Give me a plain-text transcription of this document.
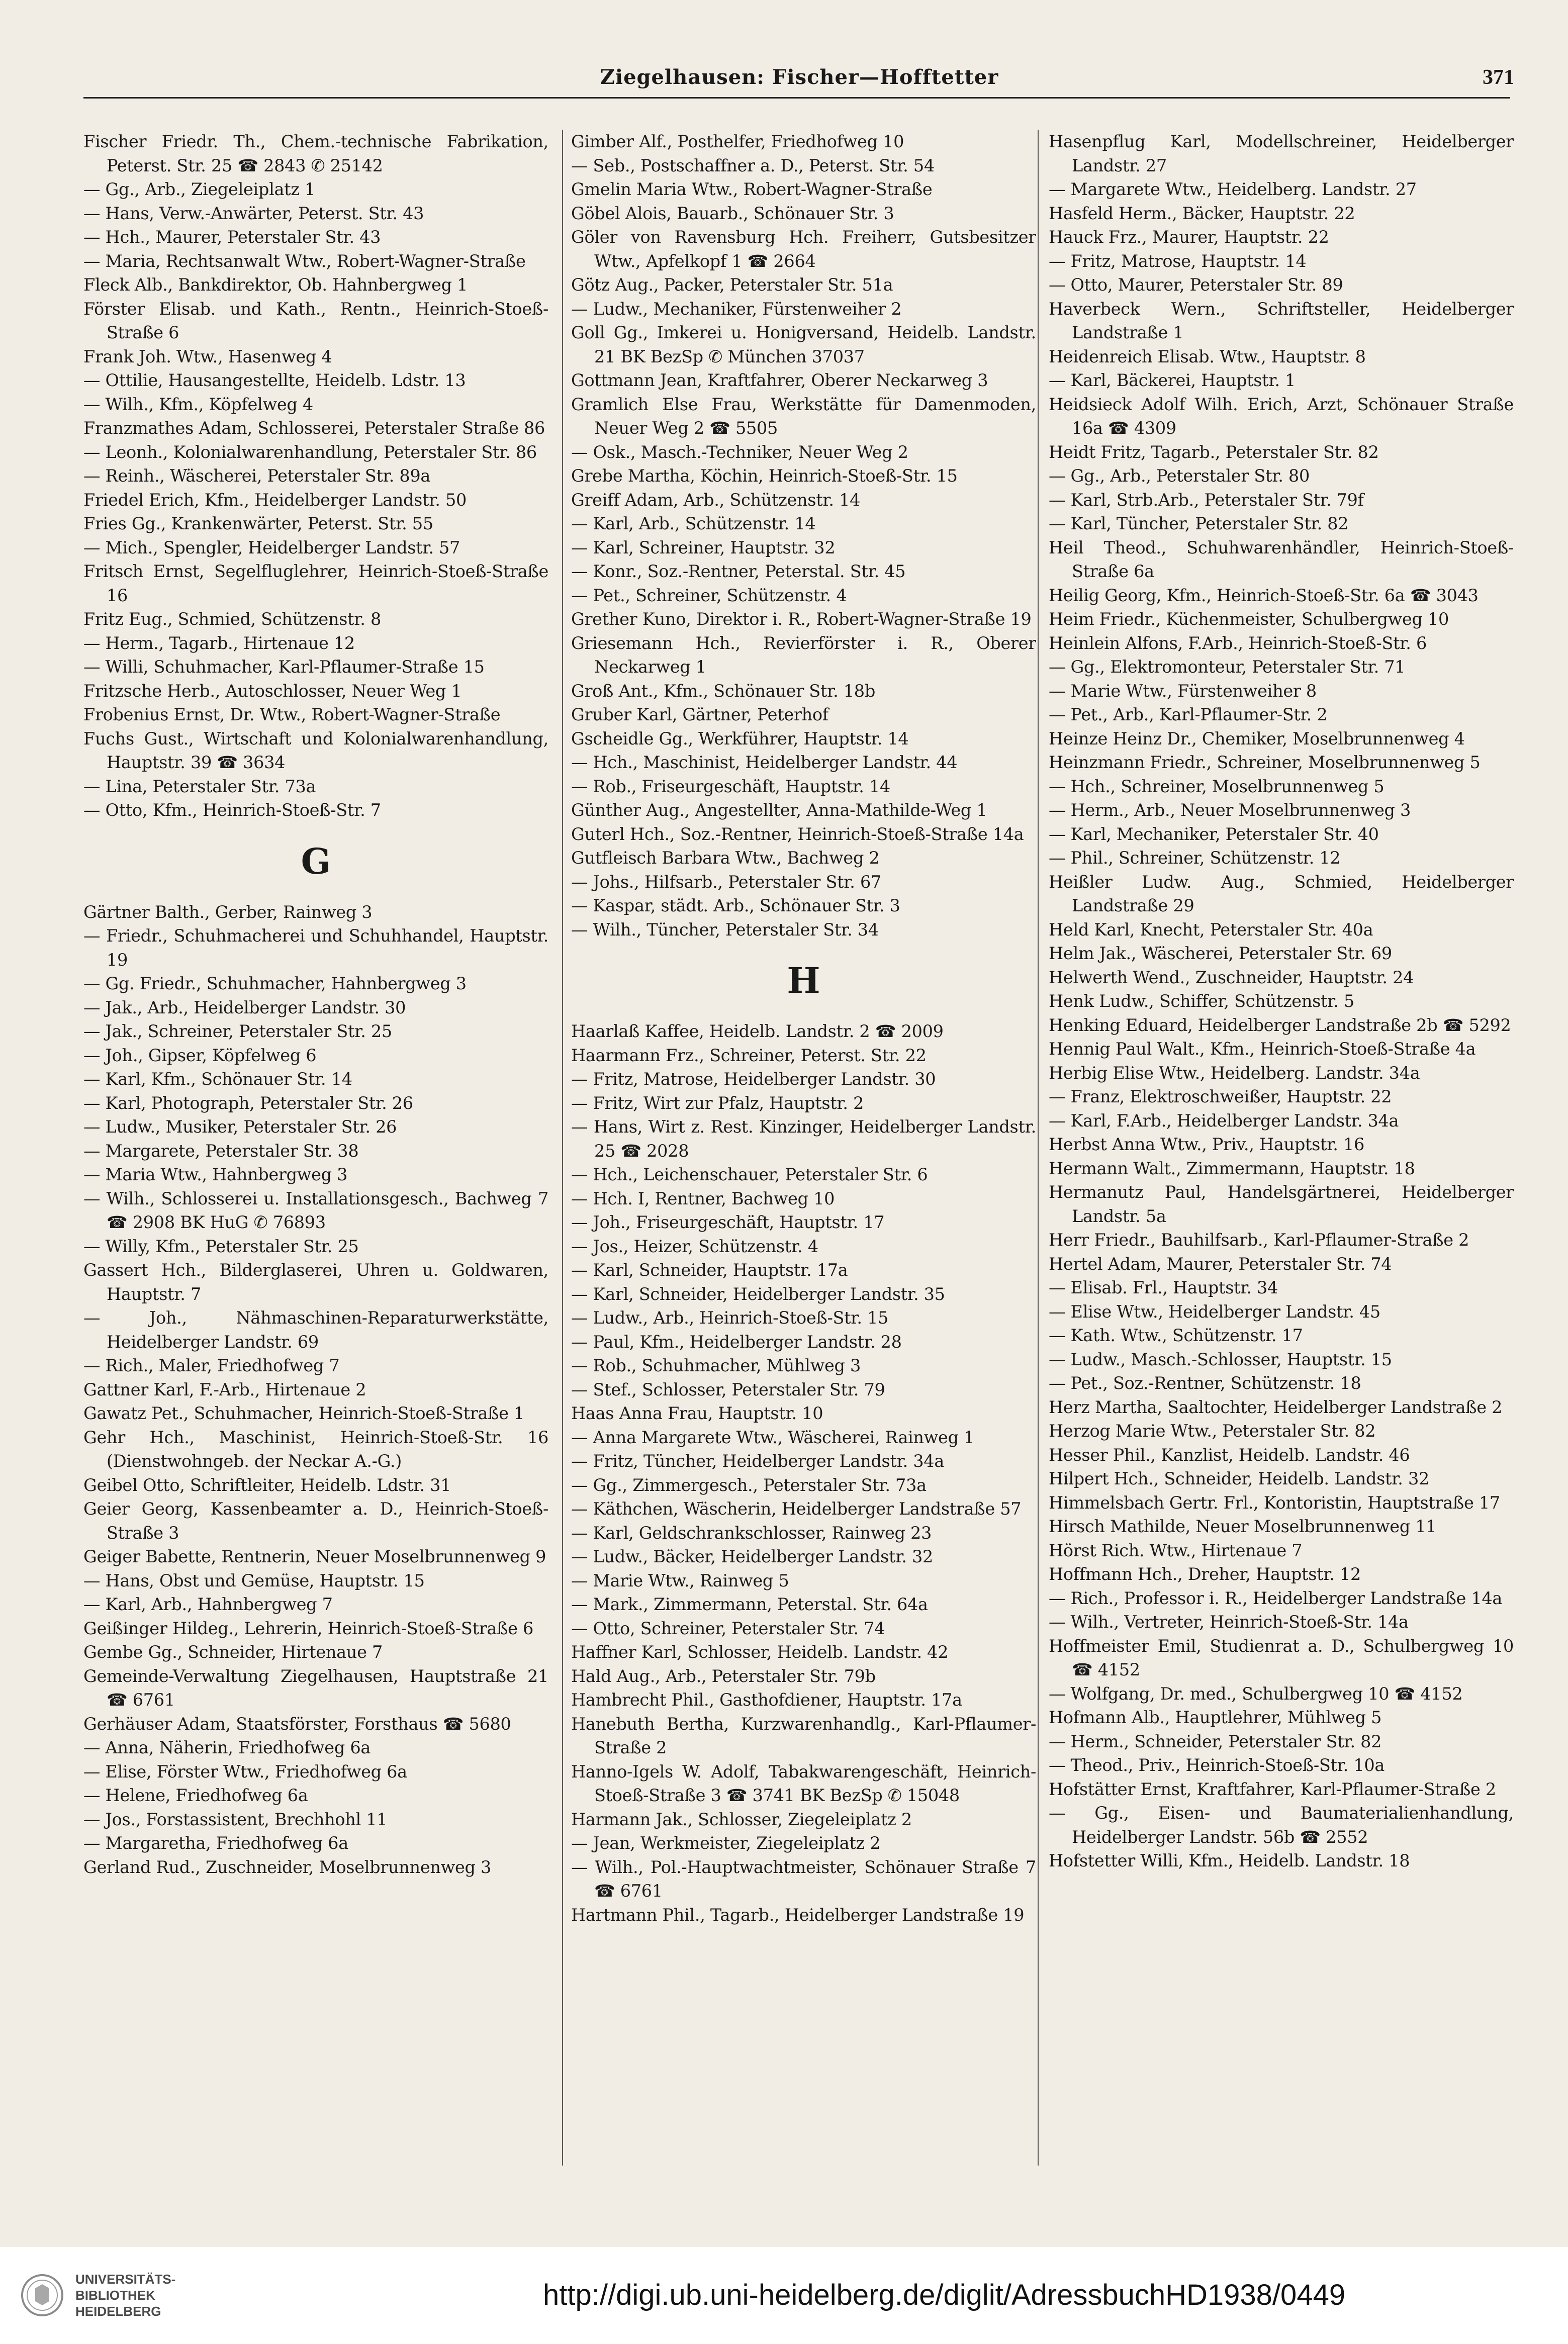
Ziegelhausen: Fischer—Hofftetter	371

Fischer Friedr. Th., Chem.-technische Fabrikation, Peterst. Str. 25 ☎ 2843 ✆ 25142

— Gg., Arb., Ziegeleiplatz 1

— Hans, Verw.-Anwärter, Peterst. Str. 43

— Hch., Maurer, Peterstaler Str. 43

— Maria, Rechtsanwalt Wtw., Robert-Wagner-Straße

Fleck Alb., Bankdirektor, Ob. Hahnbergweg 1

Förster Elisab. und Kath., Rentn., Heinrich-Stoeß-Straße 6

Frank Joh. Wtw., Hasenweg 4

— Ottilie, Hausangestellte, Heidelb. Ldstr. 13

— Wilh., Kfm., Köpfelweg 4

Franzmathes Adam, Schlosserei, Peterstaler Straße 86

— Leonh., Kolonialwarenhandlung, Peterstaler Str. 86

— Reinh., Wäscherei, Peterstaler Str. 89a

Friedel Erich, Kfm., Heidelberger Landstr. 50

Fries Gg., Krankenwärter, Peterst. Str. 55

— Mich., Spengler, Heidelberger Landstr. 57

Fritsch Ernst, Segelfluglehrer, Heinrich-Stoeß-Straße 16

Fritz Eug., Schmied, Schützenstr. 8

— Herm., Tagarb., Hirtenaue 12

— Willi, Schuhmacher, Karl-Pflaumer-Straße 15

Fritzsche Herb., Autoschlosser, Neuer Weg 1

Frobenius Ernst, Dr. Wtw., Robert-Wagner-Straße

Fuchs Gust., Wirtschaft und Kolonialwarenhandlung, Hauptstr. 39 ☎ 3634

— Lina, Peterstaler Str. 73a

— Otto, Kfm., Heinrich-Stoeß-Str. 7

G

Gärtner Balth., Gerber, Rainweg 3

— Friedr., Schuhmacherei und Schuhhandel, Hauptstr. 19

— Gg. Friedr., Schuhmacher, Hahnbergweg 3

— Jak., Arb., Heidelberger Landstr. 30

— Jak., Schreiner, Peterstaler Str. 25

— Joh., Gipser, Köpfelweg 6

— Karl, Kfm., Schönauer Str. 14

— Karl, Photograph, Peterstaler Str. 26

— Ludw., Musiker, Peterstaler Str. 26

— Margarete, Peterstaler Str. 38

— Maria Wtw., Hahnbergweg 3

— Wilh., Schlosserei u. Installationsgesch., Bachweg 7 ☎ 2908 BK HuG ✆ 76893

— Willy, Kfm., Peterstaler Str. 25

Gassert Hch., Bilderglaserei, Uhren u. Goldwaren, Hauptstr. 7

— Joh., Nähmaschinen-Reparaturwerkstätte, Heidelberger Landstr. 69

— Rich., Maler, Friedhofweg 7

Gattner Karl, F.-Arb., Hirtenaue 2

Gawatz Pet., Schuhmacher, Heinrich-Stoeß-Straße 1

Gehr Hch., Maschinist, Heinrich-Stoeß-Str. 16 (Dienstwohngeb. der Neckar A.-G.)

Geibel Otto, Schriftleiter, Heidelb. Ldstr. 31

Geier Georg, Kassenbeamter a. D., Heinrich-Stoeß-Straße 3

Geiger Babette, Rentnerin, Neuer Moselbrunnenweg 9

— Hans, Obst und Gemüse, Hauptstr. 15

— Karl, Arb., Hahnbergweg 7

Geißinger Hildeg., Lehrerin, Heinrich-Stoeß-Straße 6

Gembe Gg., Schneider, Hirtenaue 7

Gemeinde-Verwaltung Ziegelhausen, Hauptstraße 21 ☎ 6761

Gerhäuser Adam, Staatsförster, Forsthaus ☎ 5680

— Anna, Näherin, Friedhofweg 6a

— Elise, Förster Wtw., Friedhofweg 6a

— Helene, Friedhofweg 6a

— Jos., Forstassistent, Brechhohl 11

— Margaretha, Friedhofweg 6a

Gerland Rud., Zuschneider, Moselbrunnenweg 3

Gimber Alf., Posthelfer, Friedhofweg 10

— Seb., Postschaffner a. D., Peterst. Str. 54

Gmelin Maria Wtw., Robert-Wagner-Straße

Göbel Alois, Bauarb., Schönauer Str. 3

Göler von Ravensburg Hch. Freiherr, Gutsbesitzer Wtw., Apfelkopf 1 ☎ 2664

Götz Aug., Packer, Peterstaler Str. 51a

— Ludw., Mechaniker, Fürstenweiher 2

Goll Gg., Imkerei u. Honigversand, Heidelb. Landstr. 21 BK BezSp ✆ München 37037

Gottmann Jean, Kraftfahrer, Oberer Neckarweg 3

Gramlich Else Frau, Werkstätte für Damenmoden, Neuer Weg 2 ☎ 5505

— Osk., Masch.-Techniker, Neuer Weg 2

Grebe Martha, Köchin, Heinrich-Stoeß-Str. 15

Greiff Adam, Arb., Schützenstr. 14

— Karl, Arb., Schützenstr. 14

— Karl, Schreiner, Hauptstr. 32

— Konr., Soz.-Rentner, Peterstal. Str. 45

— Pet., Schreiner, Schützenstr. 4

Grether Kuno, Direktor i. R., Robert-Wagner-Straße 19

Griesemann Hch., Revierförster i. R., Oberer Neckarweg 1

Groß Ant., Kfm., Schönauer Str. 18b

Gruber Karl, Gärtner, Peterhof

Gscheidle Gg., Werkführer, Hauptstr. 14

— Hch., Maschinist, Heidelberger Landstr. 44

— Rob., Friseurgeschäft, Hauptstr. 14

Günther Aug., Angestellter, Anna-Mathilde-Weg 1

Guterl Hch., Soz.-Rentner, Heinrich-Stoeß-Straße 14a

Gutfleisch Barbara Wtw., Bachweg 2

— Johs., Hilfsarb., Peterstaler Str. 67

— Kaspar, städt. Arb., Schönauer Str. 3

— Wilh., Tüncher, Peterstaler Str. 34

H

Haarlaß Kaffee, Heidelb. Landstr. 2 ☎ 2009

Haarmann Frz., Schreiner, Peterst. Str. 22

— Fritz, Matrose, Heidelberger Landstr. 30

— Fritz, Wirt zur Pfalz, Hauptstr. 2

— Hans, Wirt z. Rest. Kinzinger, Heidelberger Landstr. 25 ☎ 2028

— Hch., Leichenschauer, Peterstaler Str. 6

— Hch. I, Rentner, Bachweg 10

— Joh., Friseurgeschäft, Hauptstr. 17

— Jos., Heizer, Schützenstr. 4

— Karl, Schneider, Hauptstr. 17a

— Karl, Schneider, Heidelberger Landstr. 35

— Ludw., Arb., Heinrich-Stoeß-Str. 15

— Paul, Kfm., Heidelberger Landstr. 28

— Rob., Schuhmacher, Mühlweg 3

— Stef., Schlosser, Peterstaler Str. 79

Haas Anna Frau, Hauptstr. 10

— Anna Margarete Wtw., Wäscherei, Rainweg 1

— Fritz, Tüncher, Heidelberger Landstr. 34a

— Gg., Zimmergesch., Peterstaler Str. 73a

— Käthchen, Wäscherin, Heidelberger Landstraße 57

— Karl, Geldschrankschlosser, Rainweg 23

— Ludw., Bäcker, Heidelberger Landstr. 32

— Marie Wtw., Rainweg 5

— Mark., Zimmermann, Peterstal. Str. 64a

— Otto, Schreiner, Peterstaler Str. 74

Haffner Karl, Schlosser, Heidelb. Landstr. 42

Hald Aug., Arb., Peterstaler Str. 79b

Hambrecht Phil., Gasthofdiener, Hauptstr. 17a

Hanebuth Bertha, Kurzwarenhandlg., Karl-Pflaumer-Straße 2

Hanno-Igels W. Adolf, Tabakwarengeschäft, Heinrich-Stoeß-Straße 3 ☎ 3741 BK BezSp ✆ 15048

Harmann Jak., Schlosser, Ziegeleiplatz 2

— Jean, Werkmeister, Ziegeleiplatz 2

— Wilh., Pol.-Hauptwachtmeister, Schönauer Straße 7 ☎ 6761

Hartmann Phil., Tagarb., Heidelberger Landstraße 19

Hasenpflug Karl, Modellschreiner, Heidelberger Landstr. 27

— Margarete Wtw., Heidelberg. Landstr. 27

Hasfeld Herm., Bäcker, Hauptstr. 22

Hauck Frz., Maurer, Hauptstr. 22

— Fritz, Matrose, Hauptstr. 14

— Otto, Maurer, Peterstaler Str. 89

Haverbeck Wern., Schriftsteller, Heidelberger Landstraße 1

Heidenreich Elisab. Wtw., Hauptstr. 8

— Karl, Bäckerei, Hauptstr. 1

Heidsieck Adolf Wilh. Erich, Arzt, Schönauer Straße 16a ☎ 4309

Heidt Fritz, Tagarb., Peterstaler Str. 82

— Gg., Arb., Peterstaler Str. 80

— Karl, Strb.Arb., Peterstaler Str. 79f

— Karl, Tüncher, Peterstaler Str. 82

Heil Theod., Schuhwarenhändler, Heinrich-Stoeß-Straße 6a

Heilig Georg, Kfm., Heinrich-Stoeß-Str. 6a ☎ 3043

Heim Friedr., Küchenmeister, Schulbergweg 10

Heinlein Alfons, F.Arb., Heinrich-Stoeß-Str. 6

— Gg., Elektromonteur, Peterstaler Str. 71

— Marie Wtw., Fürstenweiher 8

— Pet., Arb., Karl-Pflaumer-Str. 2

Heinze Heinz Dr., Chemiker, Moselbrunnenweg 4

Heinzmann Friedr., Schreiner, Moselbrunnenweg 5

— Hch., Schreiner, Moselbrunnenweg 5

— Herm., Arb., Neuer Moselbrunnenweg 3

— Karl, Mechaniker, Peterstaler Str. 40

— Phil., Schreiner, Schützenstr. 12

Heißler Ludw. Aug., Schmied, Heidelberger Landstraße 29

Held Karl, Knecht, Peterstaler Str. 40a

Helm Jak., Wäscherei, Peterstaler Str. 69

Helwerth Wend., Zuschneider, Hauptstr. 24

Henk Ludw., Schiffer, Schützenstr. 5

Henking Eduard, Heidelberger Landstraße 2b ☎ 5292

Hennig Paul Walt., Kfm., Heinrich-Stoeß-Straße 4a

Herbig Elise Wtw., Heidelberg. Landstr. 34a

— Franz, Elektroschweißer, Hauptstr. 22

— Karl, F.Arb., Heidelberger Landstr. 34a

Herbst Anna Wtw., Priv., Hauptstr. 16

Hermann Walt., Zimmermann, Hauptstr. 18

Hermanutz Paul, Handelsgärtnerei, Heidelberger Landstr. 5a

Herr Friedr., Bauhilfsarb., Karl-Pflaumer-Straße 2

Hertel Adam, Maurer, Peterstaler Str. 74

— Elisab. Frl., Hauptstr. 34

— Elise Wtw., Heidelberger Landstr. 45

— Kath. Wtw., Schützenstr. 17

— Ludw., Masch.-Schlosser, Hauptstr. 15

— Pet., Soz.-Rentner, Schützenstr. 18

Herz Martha, Saaltochter, Heidelberger Landstraße 2

Herzog Marie Wtw., Peterstaler Str. 82

Hesser Phil., Kanzlist, Heidelb. Landstr. 46

Hilpert Hch., Schneider, Heidelb. Landstr. 32

Himmelsbach Gertr. Frl., Kontoristin, Hauptstraße 17

Hirsch Mathilde, Neuer Moselbrunnenweg 11

Hörst Rich. Wtw., Hirtenaue 7

Hoffmann Hch., Dreher, Hauptstr. 12

— Rich., Professor i. R., Heidelberger Landstraße 14a

— Wilh., Vertreter, Heinrich-Stoeß-Str. 14a

Hoffmeister Emil, Studienrat a. D., Schulbergweg 10 ☎ 4152

— Wolfgang, Dr. med., Schulbergweg 10 ☎ 4152

Hofmann Alb., Hauptlehrer, Mühlweg 5

— Herm., Schneider, Peterstaler Str. 82

— Theod., Priv., Heinrich-Stoeß-Str. 10a

Hofstätter Ernst, Kraftfahrer, Karl-Pflaumer-Straße 2

— Gg., Eisen- und Baumaterialienhandlung, Heidelberger Landstr. 56b ☎ 2552

Hofstetter Willi, Kfm., Heidelb. Landstr. 18

UNIVERSITÄTS-
BIBLIOTHEK
HEIDELBERG	http://digi.ub.uni-heidelberg.de/diglit/AdressbuchHD1938/0449
